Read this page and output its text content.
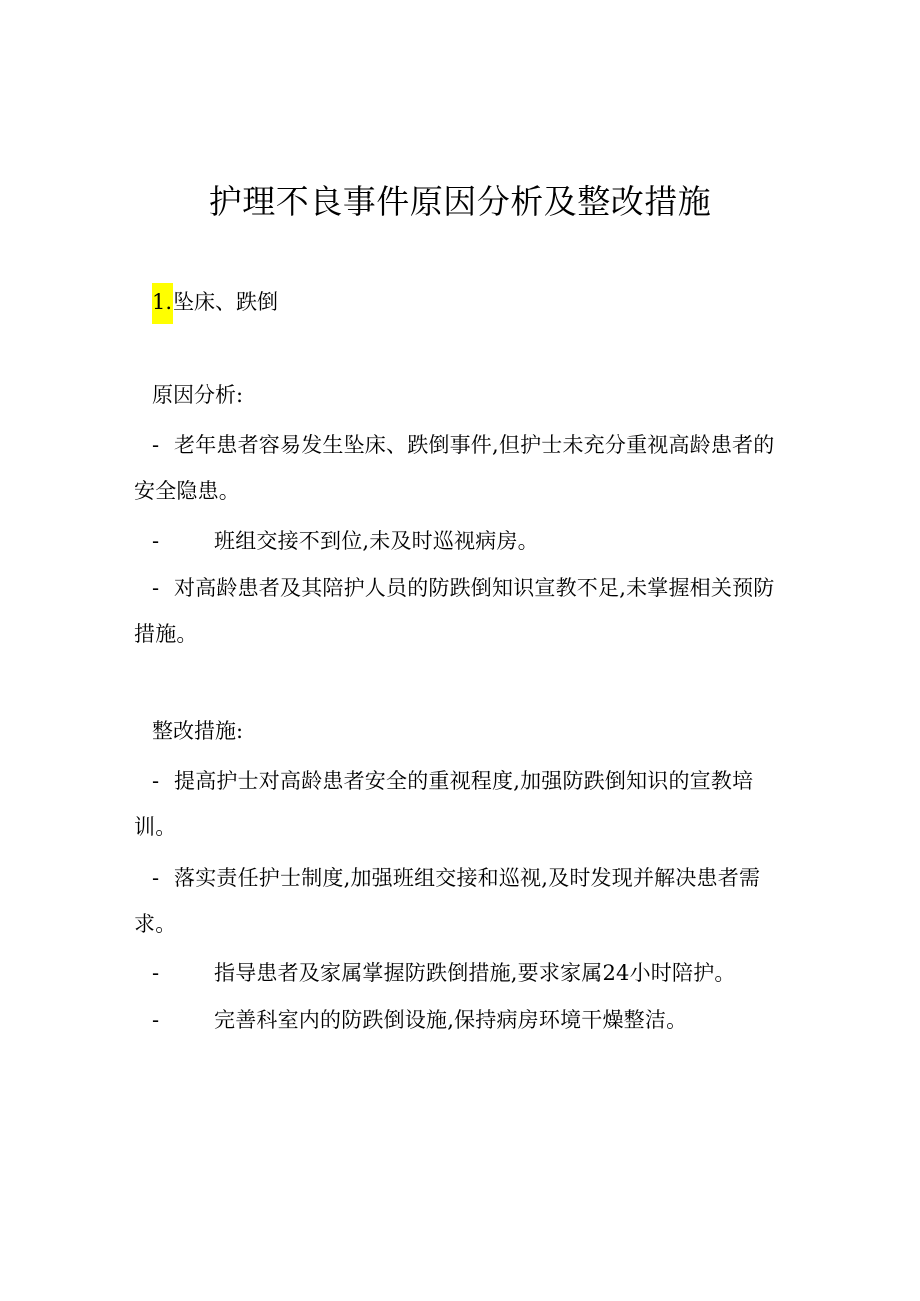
护理不良事件原因分析及整改措施
1.坠床、跌倒
原因分析:

- 老年患者容易发生坠床、跌倒事件,但护士未充分重视高龄患者的安全隐患。

-	班组交接不到位,未及时巡视病房。

- 对高龄患者及其陪护人员的防跌倒知识宣教不足,未掌握相关预防措施。

整改措施:

- 提高护士对高龄患者安全的重视程度,加强防跌倒知识的宣教培训。

- 落实责任护士制度,加强班组交接和巡视,及时发现并解决患者需求。

-	指导患者及家属掌握防跌倒措施,要求家属24小时陪护。

-	完善科室内的防跌倒设施,保持病房环境干燥整洁。
